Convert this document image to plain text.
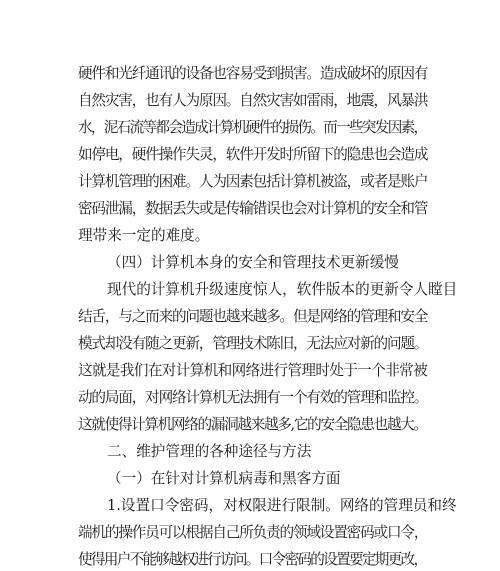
硬件和光纤通讯的设备也容易受到损害。造成破坏的原因有
自然灾害，也有人为原因。自然灾害如雷雨，地震，风暴洪
水，泥石流等都会造成计算机硬件的损伤。而一些突发因素，
如停电，硬件操作失灵，软件开发时所留下的隐患也会造成
计算机管理的困难。人为因素包括计算机被盗，或者是账户
密码泄漏，数据丢失或是传输错误也会对计算机的安全和管
理带来一定的难度。
（四）计算机本身的安全和管理技术更新缓慢
现代的计算机升级速度惊人，软件版本的更新令人瞠目
结舌，与之而来的问题也越来越多。但是网络的管理和安全
模式却没有随之更新，管理技术陈旧，无法应对新的问题。
这就是我们在对计算机和网络进行管理时处于一个非常被
动的局面，对网络计算机无法拥有一个有效的管理和监控。
这就使得计算机网络的漏洞越来越多,它的安全隐患也越大。
二、维护管理的各种途径与方法
（一）在针对计算机病毒和黑客方面
1.设置口令密码，对权限进行限制。网络的管理员和终
端机的操作员可以根据自己所负责的领域设置密码或口令，
使得用户不能够越权进行访问。口令密码的设置要定期更改，
